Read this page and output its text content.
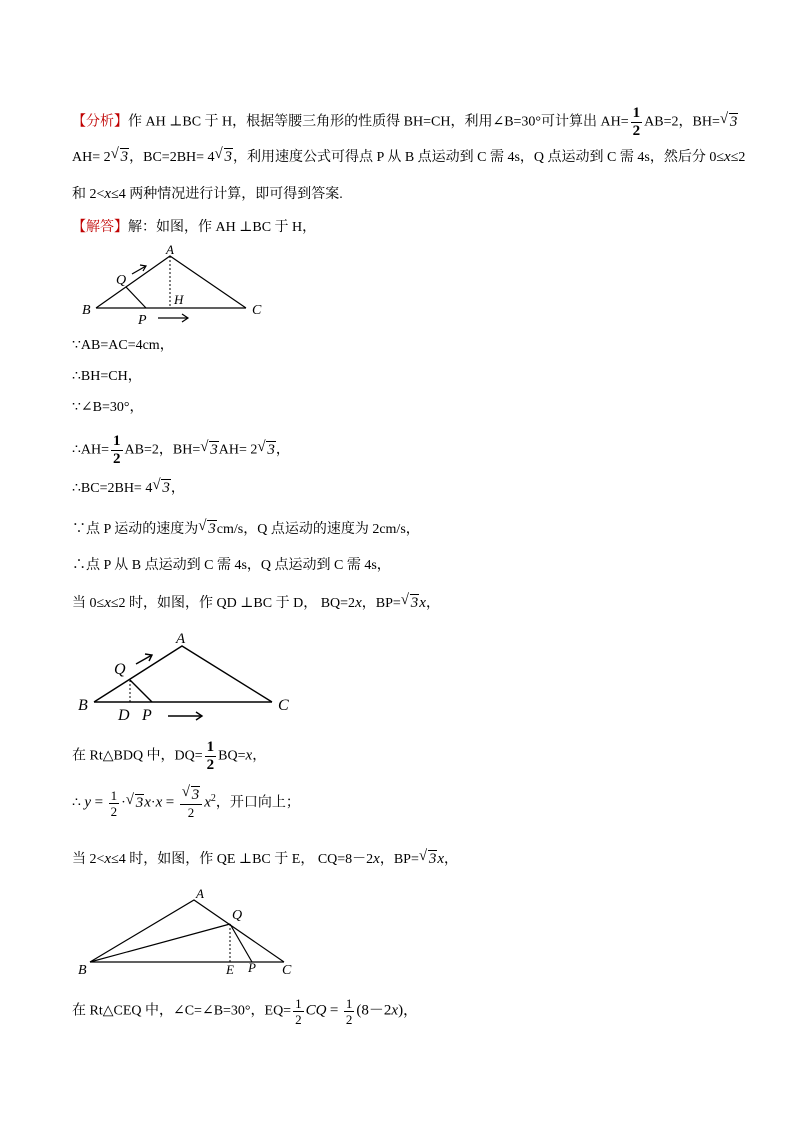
【分析】作 AH ⊥BC 于 H，根据等腰三角形的性质得 BH=CH，利用∠B=30°可计算出 $AH= \frac{1}{2} AB=2$，BH= √ 3
AH= 2 √ 3，BC=2BH= 4 √ 3，利用速度公式可得点 P 从 B 点运动到 C 需 4s，Q 点运动到 C 需 4s，然后分 0≤x≤2
和 2<x≤4 两种情况进行计算，即可得到答案.
【解答】解：如图，作 AH ⊥BC 于 H，
A
B	C
H
P
Q
∵AB=AC=4cm，
∴BH=CH，
∵∠B=30°，
∴AH= $\frac{1}{2} AB=2$，BH= √ 3AH= 2 √ 3，
∴BC=2BH= 4 √ 3，
∵点 P 运动的速度为 √ 3cm/s，Q 点运动的速度为 2cm/s，
∴点 P 从 B 点运动到 C 需 4s，Q 点运动到 C 需 4s，
当 0≤x≤2 时，如图，作 QD ⊥BC 于 D， BQ=2x，BP= √ 3x，
A
B	C
D P
Q
在 Rt△BDQ 中，$DQ= \frac{1}{2} BQ=x$，
∴ $y = \frac{1}{2}$ · √ $3x\cdot x = \frac{√ 3}{2} x^2$，开口向上；
当 2<x≤4 时，如图，作 QE ⊥BC 于 E， CQ=8－2x，BP= √ 3x，
A
B	C
E P
Q
在 Rt△CEQ 中，∠C=∠B=30°，$EQ= \frac{1}{2}$ CQ = $\frac{1}{2} (8-2x)$，
